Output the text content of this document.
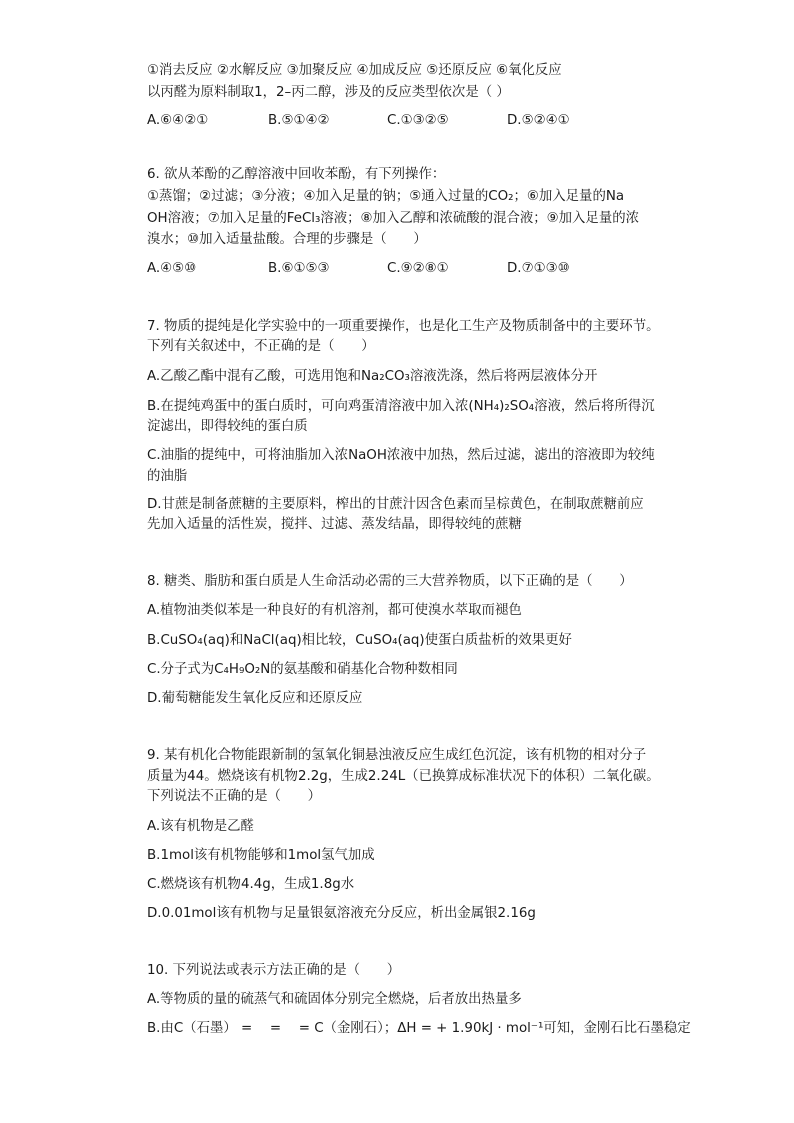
①消去反应 ②水解反应 ③加聚反应 ④加成反应 ⑤还原反应 ⑥氧化反应
以丙醛为原料制取1，2–丙二醇，涉及的反应类型依次是（ ）
A.⑥④②①	B.⑤①④②	C.①③②⑤	D.⑤②④①
6. 欲从苯酚的乙醇溶液中回收苯酚，有下列操作：
①蒸馏；②过滤；③分液；④加入足量的钠；⑤通入过量的CO₂；⑥加入足量的Na
OH溶液；⑦加入足量的FeCl₃溶液；⑧加入乙醇和浓硫酸的混合液；⑨加入足量的浓
溴水；⑩加入适量盐酸。合理的步骤是（　　）
A.④⑤⑩	B.⑥①⑤③	C.⑨②⑧①	D.⑦①③⑩
7. 物质的提纯是化学实验中的一项重要操作，也是化工生产及物质制备中的主要环节。
下列有关叙述中，不正确的是（　　）
A.乙酸乙酯中混有乙酸，可选用饱和Na₂CO₃溶液洗涤，然后将两层液体分开
B.在提纯鸡蛋中的蛋白质时，可向鸡蛋清溶液中加入浓(NH₄)₂SO₄溶液，然后将所得沉
淀滤出，即得较纯的蛋白质
C.油脂的提纯中，可将油脂加入浓NaOH浓液中加热，然后过滤，滤出的溶液即为较纯
的油脂
D.甘蔗是制备蔗糖的主要原料，榨出的甘蔗汁因含色素而呈棕黄色，在制取蔗糖前应
先加入适量的活性炭，搅拌、过滤、蒸发结晶，即得较纯的蔗糖
8. 糖类、脂肪和蛋白质是人生命活动必需的三大营养物质，以下正确的是（　　）
A.植物油类似苯是一种良好的有机溶剂，都可使溴水萃取而褪色
B.CuSO₄(aq)和NaCl(aq)相比较，CuSO₄(aq)使蛋白质盐析的效果更好
C.分子式为C₄H₉O₂N的氨基酸和硝基化合物种数相同
D.葡萄糖能发生氧化反应和还原反应
9. 某有机化合物能跟新制的氢氧化铜悬浊液反应生成红色沉淀，该有机物的相对分子
质量为44。燃烧该有机物2.2g，生成2.24L（已换算成标准状况下的体积）二氧化碳。
下列说法不正确的是（　　）
A.该有机物是乙醛
B.1mol该有机物能够和1mol氢气加成
C.燃烧该有机物4.4g，生成1.8g水
D.0.01mol该有机物与足量银氨溶液充分反应，析出金属银2.16g
10. 下列说法或表示方法正确的是（　　）
A.等物质的量的硫蒸气和硫固体分别完全燃烧，后者放出热量多
B.由C（石墨） =　 =　 = C（金刚石）；ΔH = + 1.90kJ · mol⁻¹可知，金刚石比石墨稳定
